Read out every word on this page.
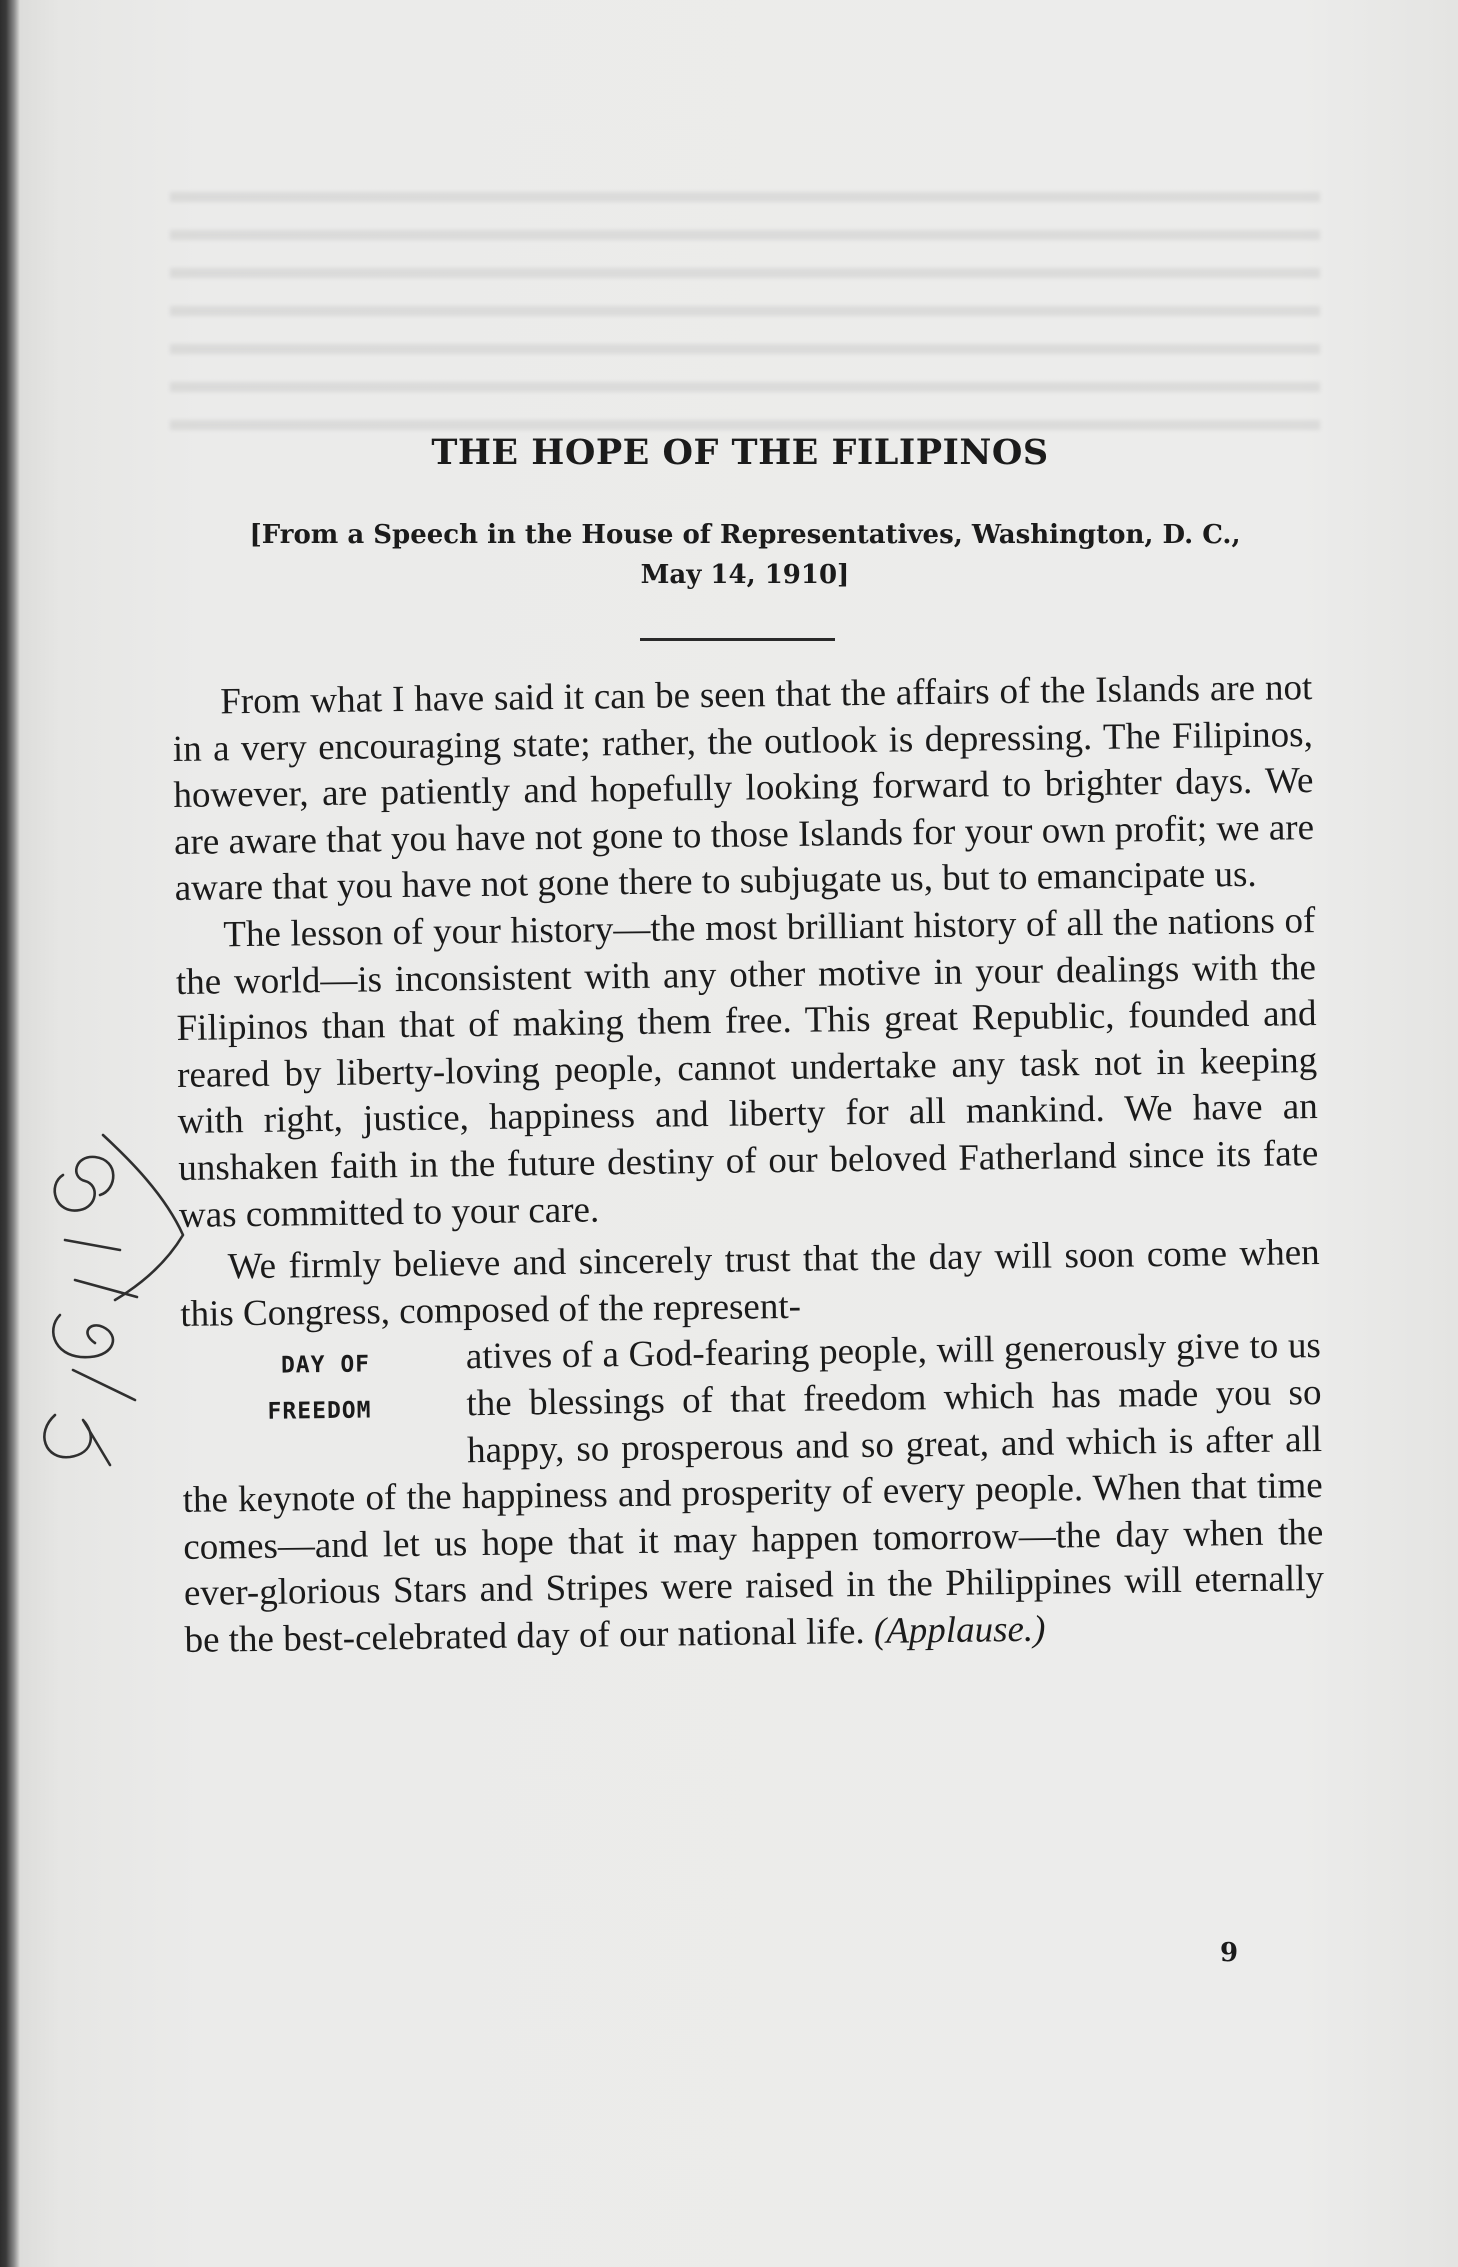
THE HOPE OF THE FILIPINOS
[From a Speech in the House of Representatives, Washington, D. C.,
May 14, 1910]

From what I have said it can be seen that the affairs of the Islands are not in a very encouraging state; rather, the outlook is depressing. The Filipinos, however, are patiently and hopefully looking forward to brighter days. We are aware that you have not gone to those Islands for your own profit; we are aware that you have not gone there to subjugate us, but to emancipate us.

The lesson of your history—the most brilliant history of all the nations of the world—is inconsistent with any other motive in your dealings with the Filipinos than that of making them free. This great Republic, founded and reared by liberty-loving people, cannot undertake any task not in keeping with right, justice, happiness and liberty for all mankind. We have an unshaken faith in the future destiny of our beloved Fatherland since its fate was committed to your care.

We firmly believe and sincerely trust that the day will soon come when this Congress, composed of the represent-

DAY OF
FREEDOM
atives of a God-fearing people, will generously give to us the blessings of that freedom which has made you so happy, so prosperous and so great, and which is after all the keynote of the happiness and prosperity of every people. When that time comes—and let us hope that it may happen tomorrow—the day when the ever-glorious Stars and Stripes were raised in the Philippines will eternally be the best-celebrated day of our national life. (Applause.)
9
